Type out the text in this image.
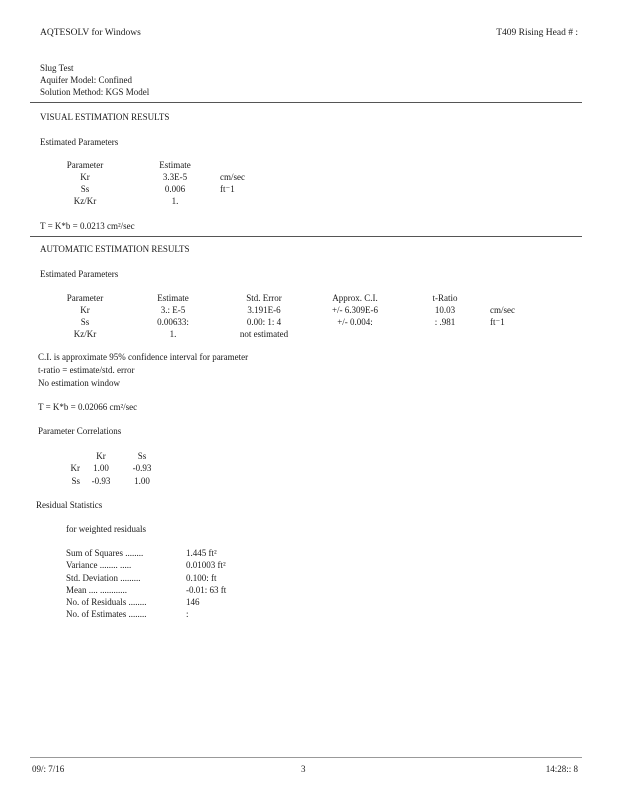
AQTESOLV for Windows	T409 Rising Head # :
Slug Test
Aquifer Model: Confined
Solution Method: KGS Model
VISUAL ESTIMATION RESULTS
Estimated Parameters
Parameter	Estimate
Kr	3.3E-5	cm/sec
Ss	0.006	ft⁻1
Kz/Kr	1.
T = K*b = 0.0213 cm²/sec
AUTOMATIC ESTIMATION RESULTS
Estimated Parameters
Parameter	Estimate	Std. Error	Approx. C.I.	t-Ratio
Kr	3.: E-5	3.191E-6	+/- 6.309E-6	10.03	cm/sec
Ss	0.00633:	0.00: 1: 4	+/- 0.004:	: .981	ft⁻1
Kz/Kr	1.	not estimated
C.I. is approximate 95% confidence interval for parameter
t-ratio = estimate/std. error
No estimation window
T = K*b = 0.02066 cm²/sec
Parameter Correlations
Kr	Ss
Kr	1.00	-0.93
Ss	-0.93	1.00
Residual Statistics
for weighted residuals
Sum of Squares ........	1.445 ft²
Variance ........ .....	0.01003 ft²
Std. Deviation .........	0.100: ft
Mean .... ............	-0.01: 63 ft
No. of Residuals ........	146
No. of Estimates ........	:
09/: 7/16	3	14:28:: 8
